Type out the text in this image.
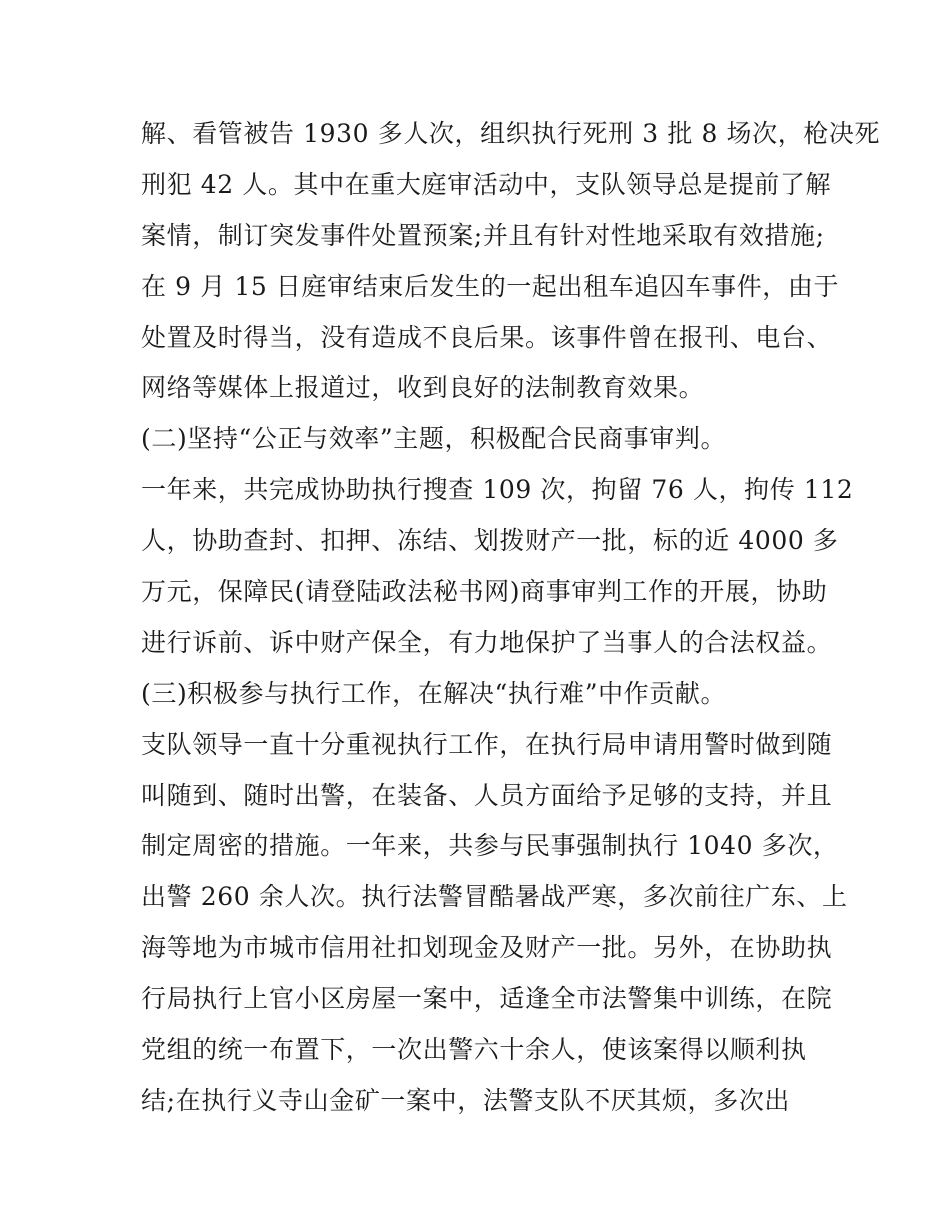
解、看管被告 1930 多人次，组织执行死刑 3 批 8 场次，枪决死
刑犯 42 人。其中在重大庭审活动中，支队领导总是提前了解
案情，制订突发事件处置预案;并且有针对性地采取有效措施;
在 9 月 15 日庭审结束后发生的一起出租车追囚车事件，由于
处置及时得当，没有造成不良后果。该事件曾在报刊、电台、
网络等媒体上报道过，收到良好的法制教育效果。
(二)坚持“公正与效率”主题，积极配合民商事审判。
一年来，共完成协助执行搜查 109 次，拘留 76 人，拘传 112
人，协助查封、扣押、冻结、划拨财产一批，标的近 4000 多
万元，保障民(请登陆政法秘书网)商事审判工作的开展，协助
进行诉前、诉中财产保全，有力地保护了当事人的合法权益。
(三)积极参与执行工作，在解决“执行难”中作贡献。
支队领导一直十分重视执行工作，在执行局申请用警时做到随
叫随到、随时出警，在装备、人员方面给予足够的支持，并且
制定周密的措施。一年来，共参与民事强制执行 1040 多次，
出警 260 余人次。执行法警冒酷暑战严寒，多次前往广东、上
海等地为市城市信用社扣划现金及财产一批。另外，在协助执
行局执行上官小区房屋一案中，适逢全市法警集中训练，在院
党组的统一布置下，一次出警六十余人，使该案得以顺利执
结;在执行义寺山金矿一案中，法警支队不厌其烦，多次出
